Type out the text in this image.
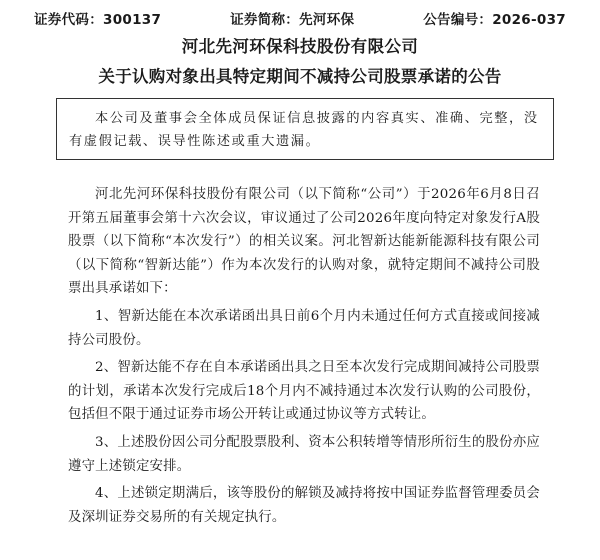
证券代码：300137	证券简称：先河环保	公告编号：2026-037
河北先河环保科技股份有限公司
关于认购对象出具特定期间不减持公司股票承诺的公告
本公司及董事会全体成员保证信息披露的内容真实、准确、完整，没有虚假记载、误导性陈述或重大遗漏。

河北先河环保科技股份有限公司（以下简称“公司”）于2026年6月8日召开第五届董事会第十六次会议，审议通过了公司2026年度向特定对象发行A股股票（以下简称“本次发行”）的相关议案。河北智新达能新能源科技有限公司（以下简称“智新达能”）作为本次发行的认购对象，就特定期间不减持公司股票出具承诺如下：

1、智新达能在本次承诺函出具日前6个月内未通过任何方式直接或间接减持公司股份。

2、智新达能不存在自本承诺函出具之日至本次发行完成期间减持公司股票的计划，承诺本次发行完成后18个月内不减持通过本次发行认购的公司股份，包括但不限于通过证券市场公开转让或通过协议等方式转让。

3、上述股份因公司分配股票股利、资本公积转增等情形所衍生的股份亦应遵守上述锁定安排。

4、上述锁定期满后，该等股份的解锁及减持将按中国证券监督管理委员会及深圳证券交易所的有关规定执行。
